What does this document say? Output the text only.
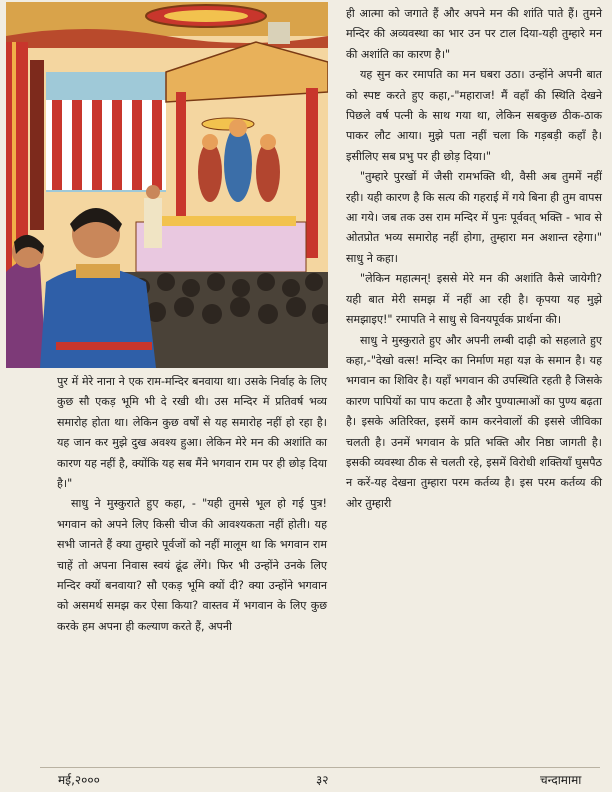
ही आत्मा को जगाते हैं और अपने मन की शांति पाते हैं। तुमने मन्दिर की अव्यवस्था का भार उन पर टाल दिया-यही तुम्हारे मन की अशांति का कारण है।"

यह सुन कर रमापति का मन घबरा उठा। उन्होंने अपनी बात को स्पष्ट करते हुए कहा,-"महाराज! मैं वहाँ की स्थिति देखने पिछले वर्ष पत्नी के साथ गया था, लेकिन सबकुछ ठीक-ठाक पाकर लौट आया। मुझे पता नहीं चला कि गड़बड़ी कहाँ है।इसीलिए सब प्रभु पर ही छोड़ दिया।"

"तुम्हारे पुरखों में जैसी रामभक्ति थी, वैसी अब तुममें नहीं रही। यही कारण है कि सत्य की गहराई में गये बिना ही तुम वापस आ गये। जब तक उस राम मन्दिर में पुनः पूर्ववत् भक्ति - भाव से ओतप्रोत भव्य समारोह नहीं होगा, तुम्हारा मन अशान्त रहेगा।" साधु ने कहा।

"लेकिन महात्मन्! इससे मेरे मन की अशांति कैसे जायेगी? यही बात मेरी समझ में नहीं आ रही है। कृपया यह मुझे समझाइए!" रमापति ने साधु से विनयपूर्वक प्रार्थना की।

साधु ने मुस्कुराते हुए और अपनी लम्बी दाढ़ी को सहलाते हुए कहा,-"देखो वत्स! मन्दिर का निर्माण महा यज्ञ के समान है। यह भगवान का शिविर है। यहाँ भगवान की उपस्थिति रहती है जिसके कारण पापियों का पाप कटता है और पुण्यात्माओं का पुण्य बढ़ता है। इसके अतिरिक्त, इसमें काम करनेवालों की इससे जीविका चलती है। उनमें भगवान के प्रति भक्ति और निष्ठा जागती है। इसकी व्यवस्था ठीक से चलती रहे, इसमें विरोधी शक्तियाँ घुसपैठ न करें-यह देखना तुम्हारा परम कर्तव्य है। इस परम कर्तव्य की ओर तुम्हारी

पुर में मेरे नाना ने एक राम-मन्दिर बनवाया था। उसके निर्वाह के लिए कुछ सौ एकड़ भूमि भी दे रखी थी। उस मन्दिर में प्रतिवर्ष भव्य समारोह होता था। लेकिन कुछ वर्षों से यह समारोह नहीं हो रहा है। यह जान कर मुझे दुख अवश्य हुआ। लेकिन मेरे मन की अशांति का कारण यह नहीं है, क्योंकि यह सब मैंने भगवान राम पर ही छोड़ दिया है।"

साधु ने मुस्कुराते हुए कहा, - "यही तुमसे भूल हो गई पुत्र! भगवान को अपने लिए किसी चीज की आवश्यकता नहीं होती। यह सभी जानते हैं क्या तुम्हारे पूर्वजों को नहीं मालूम था कि भगवान राम चाहें तो अपना निवास स्वयं ढूंढ लेंगे। फिर भी उन्होंने उनके लिए मन्दिर क्यों बनवाया? सौ एकड़ भूमि क्यों दी? क्या उन्होंने भगवान को असमर्थ समझ कर ऐसा किया? वास्तव में भगवान के लिए कुछ करके हम अपना ही कल्याण करते हैं, अपनी

मई,२०००	३२	चन्दामामा
